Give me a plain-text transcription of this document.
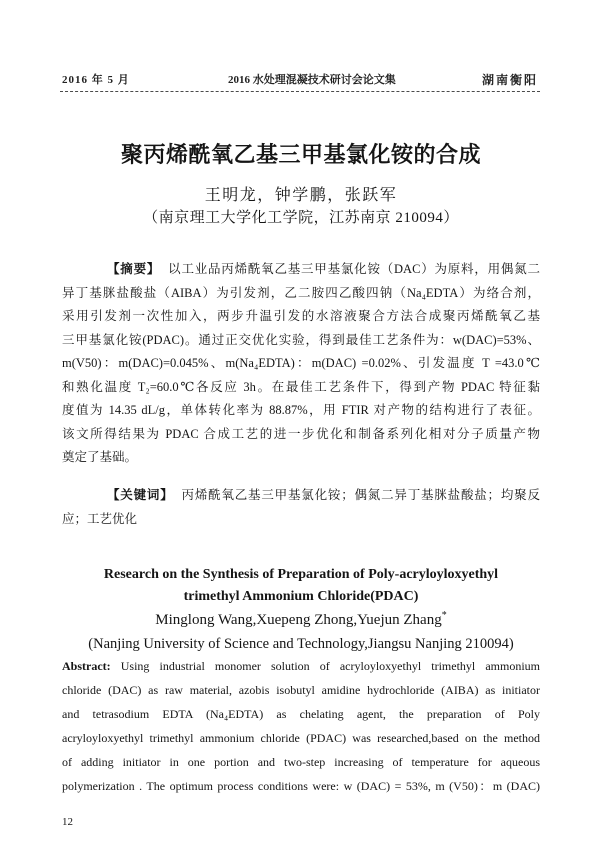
2016 年 5 月	2016 水处理混凝技术研讨会论文集	湖南衡阳
聚丙烯酰氧乙基三甲基氯化铵的合成
王明龙，钟学鹏，张跃军
（南京理工大学化工学院，江苏南京 210094）
【摘要】 以工业品丙烯酰氧乙基三甲基氯化铵（DAC）为原料，用偶氮二
异丁基脒盐酸盐（AIBA）为引发剂，乙二胺四乙酸四钠（Na₄EDTA）为络合剂，
采用引发剂一次性加入，两步升温引发的水溶液聚合方法合成聚丙烯酰氧乙基
三甲基氯化铵(PDAC)。通过正交优化实验，得到最佳工艺条件为：w(DAC)=53%、
m(V50)：m(DAC)=0.045%、m(Na₄EDTA)：m(DAC) =0.02%、引发温度 T =43.0℃
和熟化温度 T₂=60.0℃各反应 3h。在最佳工艺条件下，得到产物 PDAC 特征黏
度值为 14.35 dL/g，单体转化率为 88.87%，用 FTIR 对产物的结构进行了表征。
该文所得结果为 PDAC 合成工艺的进一步优化和制备系列化相对分子质量产物
奠定了基础。
【关键词】 丙烯酰氧乙基三甲基氯化铵；偶氮二异丁基脒盐酸盐；均聚反
应；工艺优化
Research on the Synthesis of Preparation of Poly-acryloyloxyethyl
trimethyl Ammonium Chloride(PDAC)
Minglong Wang,Xuepeng Zhong,Yuejun Zhang*
(Nanjing University of Science and Technology,Jiangsu Nanjing 210094)
Abstract: Using industrial monomer solution of acryloyloxyethyl trimethyl ammonium
chloride (DAC) as raw material, azobis isobutyl amidine hydrochloride (AIBA) as initiator
and tetrasodium EDTA (Na₄EDTA) as chelating agent, the preparation of Poly
acryloyloxyethyl trimethyl ammonium chloride (PDAC) was researched,based on the method
of adding initiator in one portion and two-step increasing of temperature for aqueous
polymerization . The optimum process conditions were: w (DAC) = 53%, m (V50)：m (DAC)
12
